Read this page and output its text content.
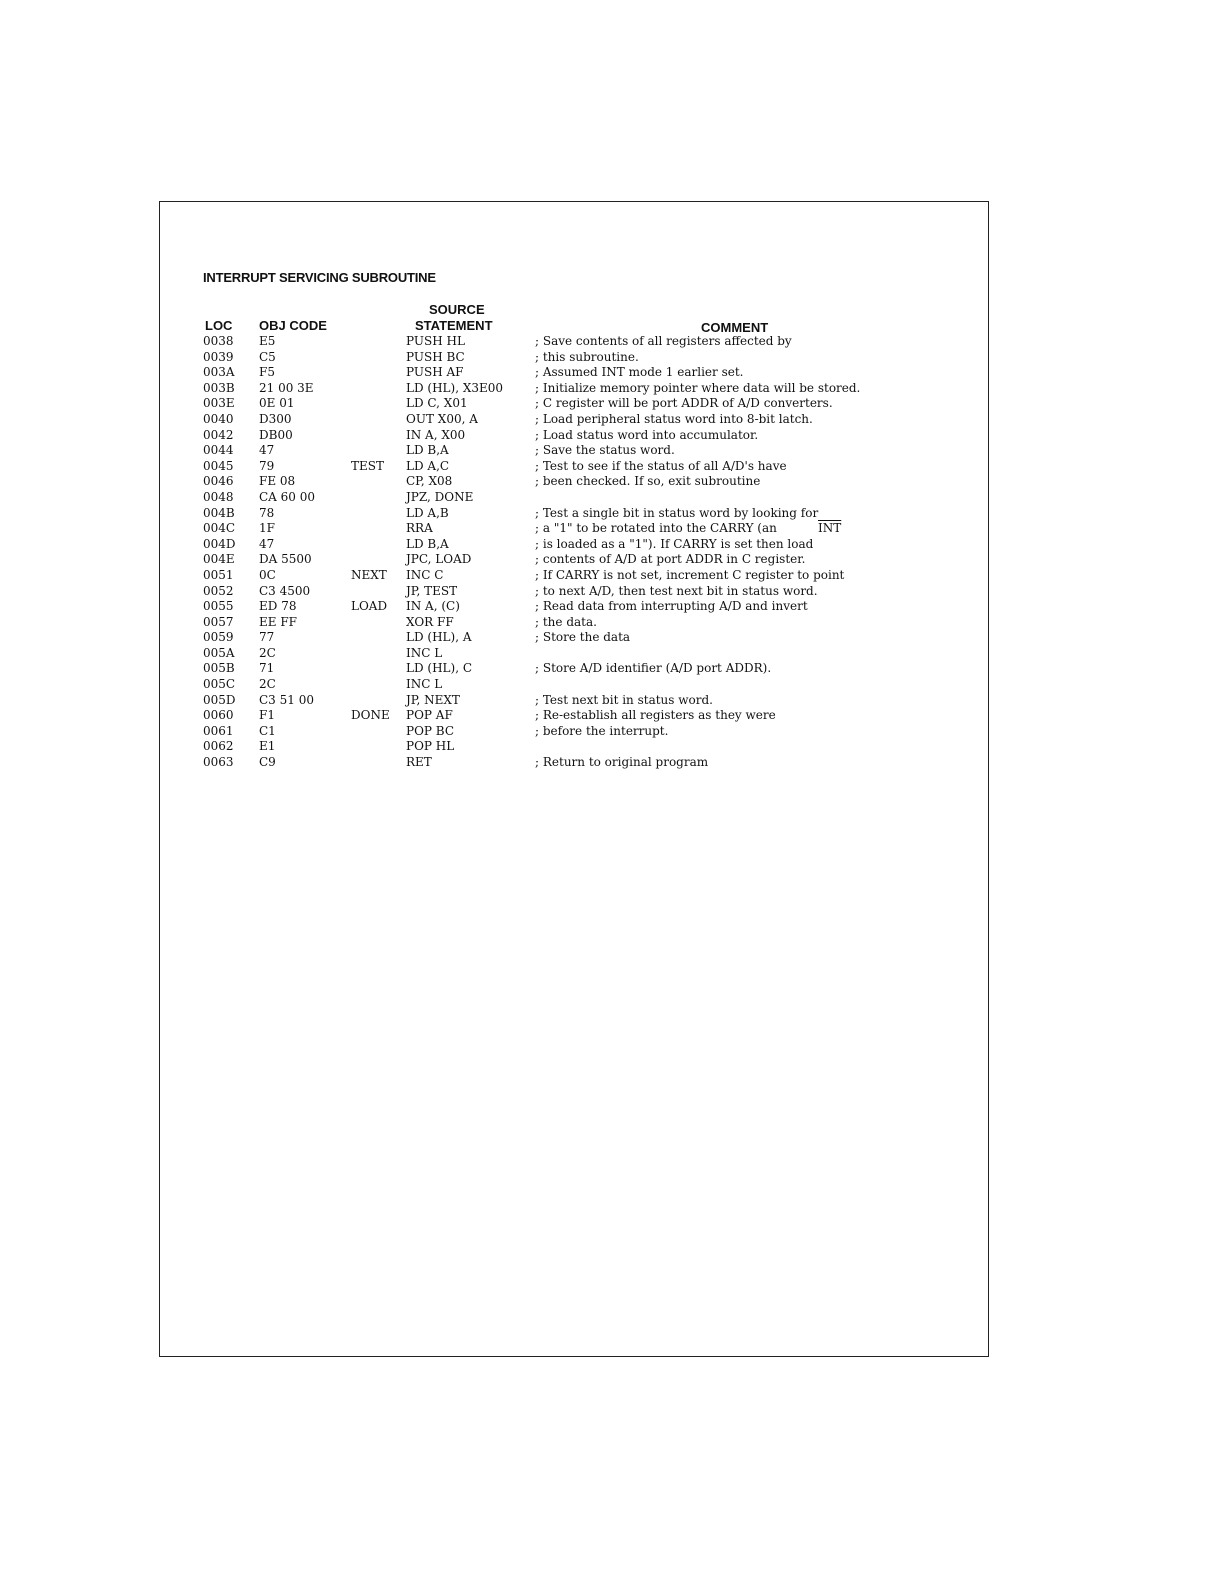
INTERRUPT SERVICING SUBROUTINE
SOURCE
LOC OBJ CODE	STATEMENT	COMMENT
0038 E5	PUSH HL	; Save contents of all registers affected by
0039 C5	PUSH BC	; this subroutine.
003A F5	PUSH AF	; Assumed INT mode 1 earlier set.
003B 21 00 3E	LD (HL), X3E00	; Initialize memory pointer where data will be stored.
003E 0E 01	LD C, X01	; C register will be port ADDR of A/D converters.
0040 D300	OUT X00, A	; Load peripheral status word into 8-bit latch.
0042 DB00	IN A, X00	; Load status word into accumulator.
0044 47	LD B,A	; Save the status word.
0045 79	TEST LD A,C	; Test to see if the status of all A/D's have
0046 FE 08	CP, X08	; been checked. If so, exit subroutine
0048 CA 60 00	JPZ, DONE
004B 78	LD A,B	; Test a single bit in status word by looking for
004C 1F	RRA	; a "1" to be rotated into the CARRY (an	$\overline{INT}$
004D 47	LD B,A	; is loaded as a "1"). If CARRY is set then load
004E DA 5500	JPC, LOAD	; contents of A/D at port ADDR in C register.
0051 0C	NEXT INC C	; If CARRY is not set, increment C register to point
0052 C3 4500	JP, TEST	; to next A/D, then test next bit in status word.
0055 ED 78	LOAD IN A, (C)	; Read data from interrupting A/D and invert
0057 EE FF	XOR FF	; the data.
0059 77	LD (HL), A	; Store the data
005A 2C	INC L
005B 71	LD (HL), C	; Store A/D identifier (A/D port ADDR).
005C 2C	INC L
005D C3 51 00	JP, NEXT	; Test next bit in status word.
0060 F1	DONE POP AF	; Re-establish all registers as they were
0061 C1	POP BC	; before the interrupt.
0062 E1	POP HL
0063 C9	RET	; Return to original program
